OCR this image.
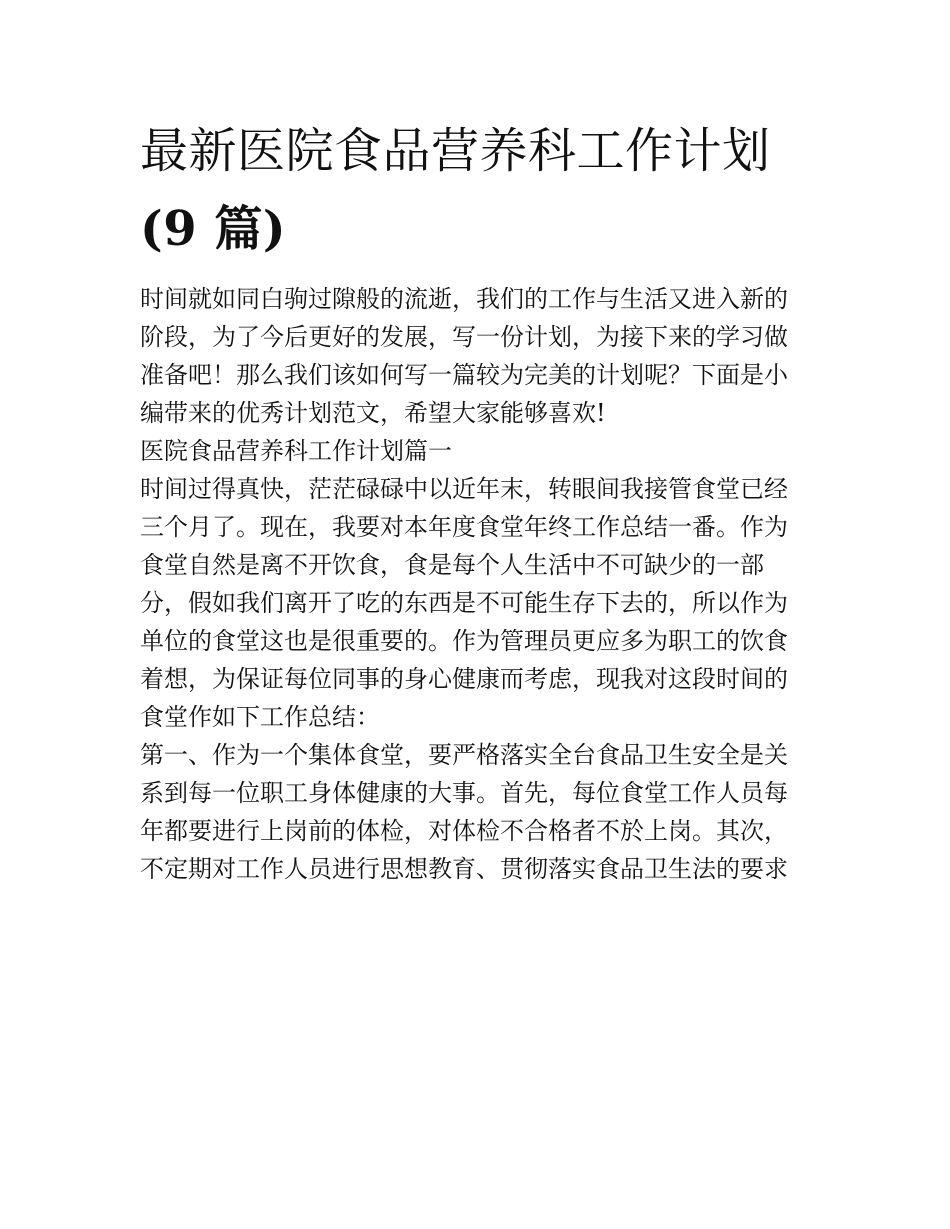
最新医院食品营养科工作计划
(9 篇)
时间就如同白驹过隙般的流逝，我们的工作与生活又进入新的
阶段，为了今后更好的发展，写一份计划，为接下来的学习做
准备吧！那么我们该如何写一篇较为完美的计划呢？下面是小
编带来的优秀计划范文，希望大家能够喜欢!
医院食品营养科工作计划篇一
时间过得真快，茫茫碌碌中以近年末，转眼间我接管食堂已经
三个月了。现在，我要对本年度食堂年终工作总结一番。作为
食堂自然是离不开饮食，食是每个人生活中不可缺少的一部
分，假如我们离开了吃的东西是不可能生存下去的，所以作为
单位的食堂这也是很重要的。作为管理员更应多为职工的饮食
着想，为保证每位同事的身心健康而考虑，现我对这段时间的
食堂作如下工作总结：
第一、作为一个集体食堂，要严格落实全台食品卫生安全是关
系到每一位职工身体健康的大事。首先，每位食堂工作人员每
年都要进行上岗前的体检，对体检不合格者不於上岗。其次，
不定期对工作人员进行思想教育、贯彻落实食品卫生法的要求
